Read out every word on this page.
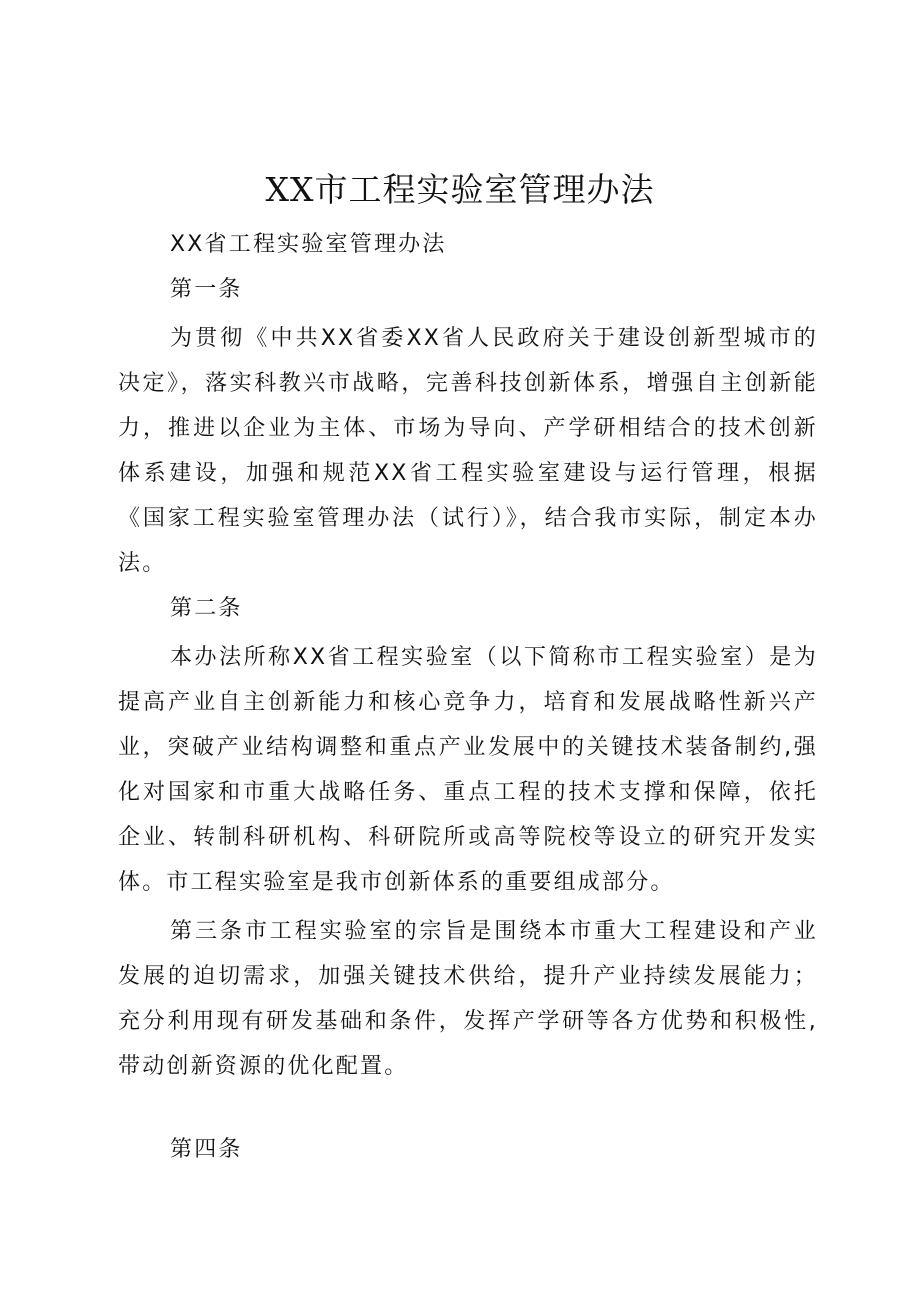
XX市工程实验室管理办法

XX省工程实验室管理办法

第一条

为贯彻《中共XX省委XX省人民政府关于建设创新型城市的决定》，落实科教兴市战略，完善科技创新体系，增强自主创新能力，推进以企业为主体、市场为导向、产学研相结合的技术创新体系建设，加强和规范XX省工程实验室建设与运行管理，根据《国家工程实验室管理办法（试行）》，结合我市实际，制定本办法。

第二条

本办法所称XX省工程实验室（以下简称市工程实验室）是为提高产业自主创新能力和核心竞争力，培育和发展战略性新兴产业，突破产业结构调整和重点产业发展中的关键技术装备制约,强化对国家和市重大战略任务、重点工程的技术支撑和保障，依托企业、转制科研机构、科研院所或高等院校等设立的研究开发实体。市工程实验室是我市创新体系的重要组成部分。

第三条市工程实验室的宗旨是围绕本市重大工程建设和产业发展的迫切需求，加强关键技术供给，提升产业持续发展能力；充分利用现有研发基础和条件，发挥产学研等各方优势和积极性,带动创新资源的优化配置。

第四条
